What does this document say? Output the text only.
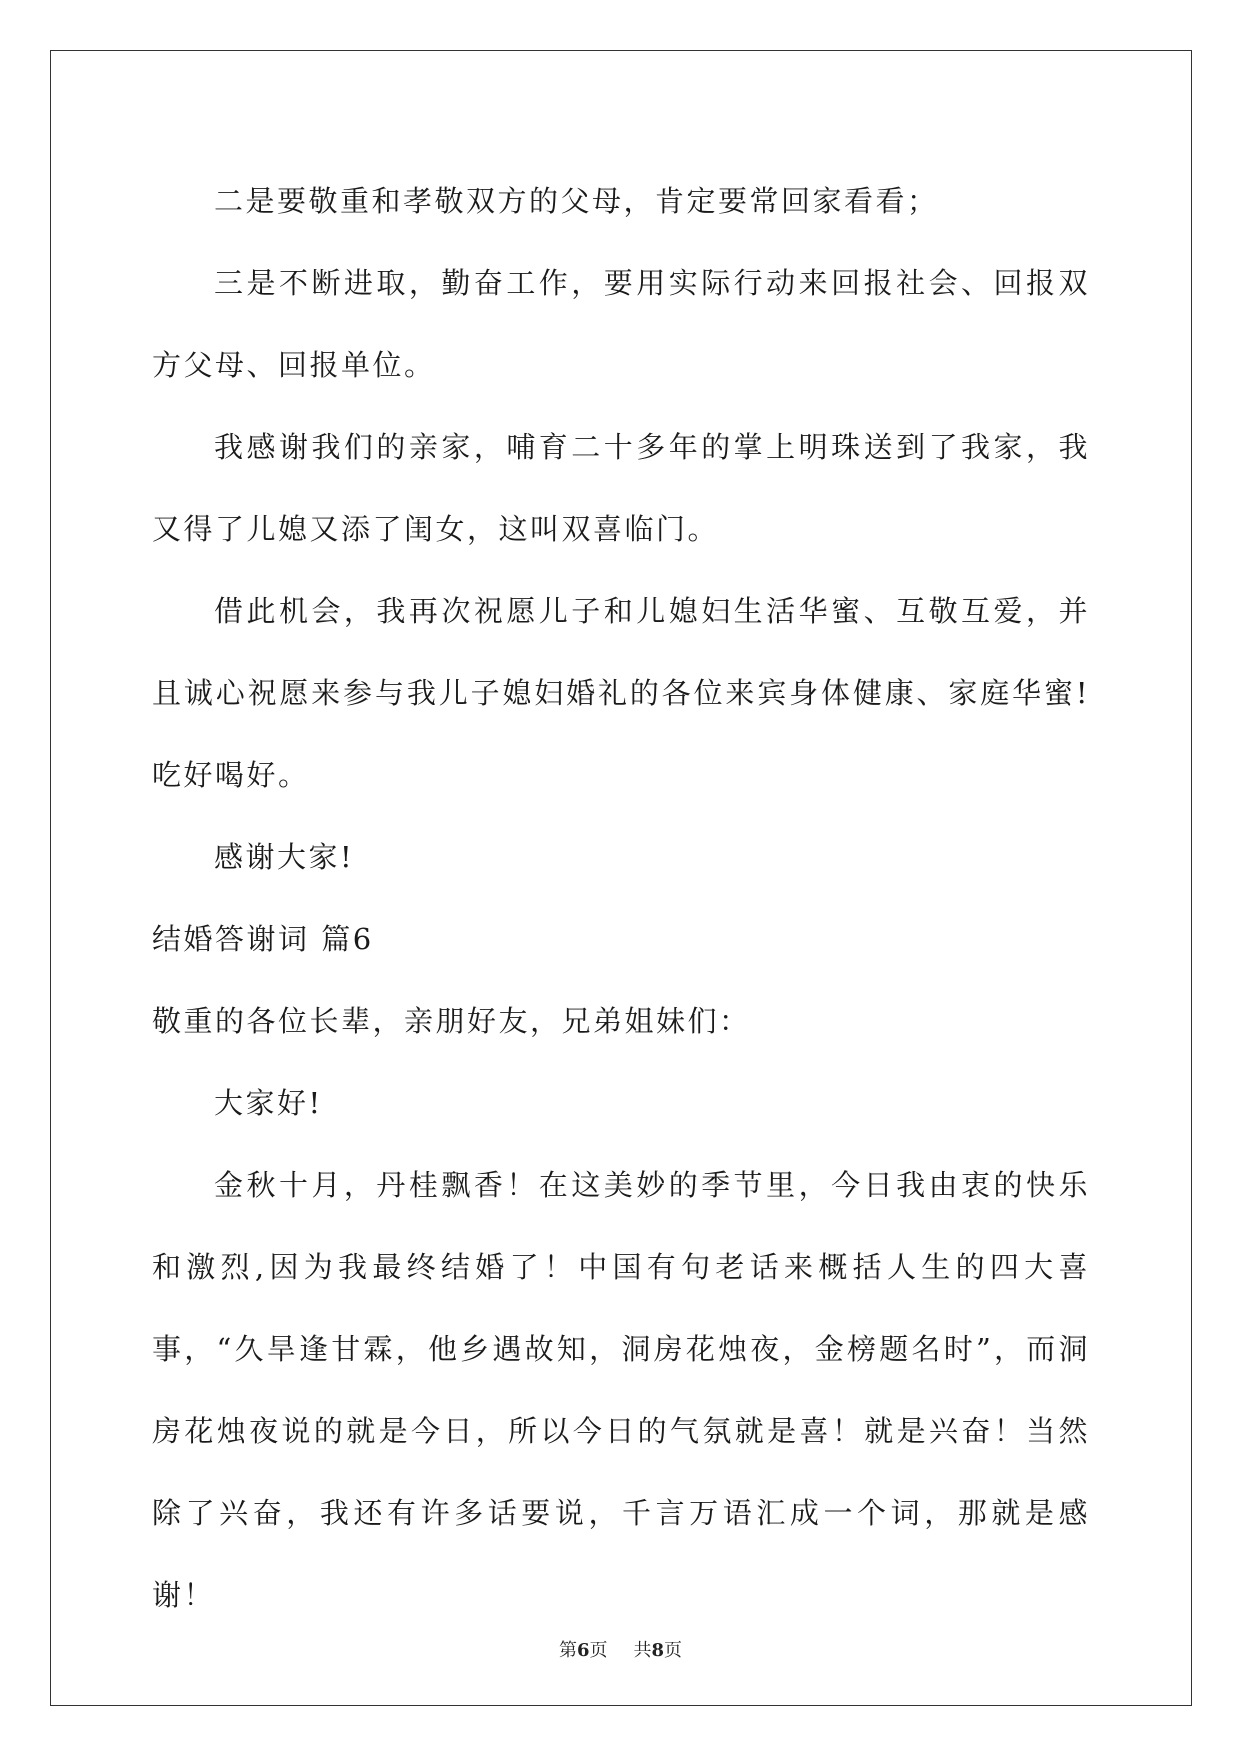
二是要敬重和孝敬双方的父母，肯定要常回家看看；

三是不断进取，勤奋工作，要用实际行动来回报社会、回报双方父母、回报单位。

我感谢我们的亲家，哺育二十多年的掌上明珠送到了我家，我又得了儿媳又添了闺女，这叫双喜临门。

借此机会，我再次祝愿儿子和儿媳妇生活华蜜、互敬互爱，并且诚心祝愿来参与我儿子媳妇婚礼的各位来宾身体健康、家庭华蜜!吃好喝好。

感谢大家!

结婚答谢词 篇6

敬重的各位长辈，亲朋好友，兄弟姐妹们：

大家好!

金秋十月，丹桂飘香！在这美妙的季节里，今日我由衷的快乐和激烈,因为我最终结婚了！中国有句老话来概括人生的四大喜事，“久旱逢甘霖，他乡遇故知，洞房花烛夜，金榜题名时”，而洞房花烛夜说的就是今日，所以今日的气氛就是喜！就是兴奋！当然除了兴奋，我还有许多话要说，千言万语汇成一个词，那就是感谢！

第6页 共8页
